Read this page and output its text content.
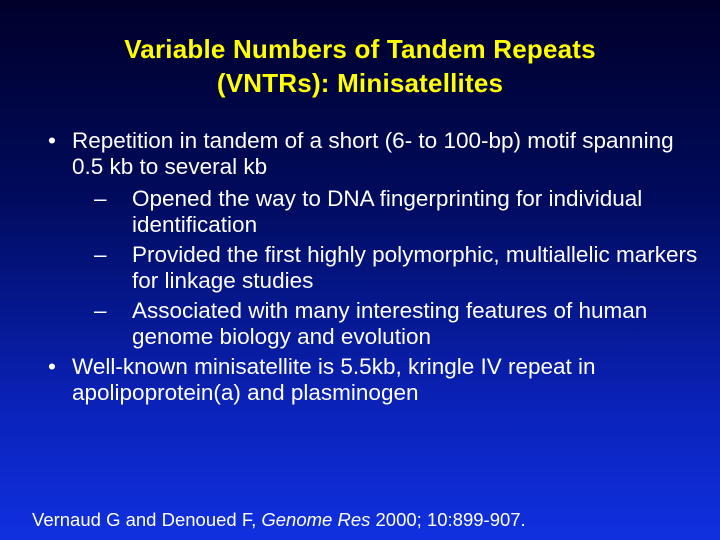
Variable Numbers of Tandem Repeats
(VNTRs): Minisatellites
• Repetition in tandem of a short (6- to 100-bp) motif spanning 0.5 kb to several kb
– Opened the way to DNA fingerprinting for individual identification
– Provided the first highly polymorphic, multiallelic markers for linkage studies
– Associated with many interesting features of human genome biology and evolution
• Well-known minisatellite is 5.5kb, kringle IV repeat in apolipoprotein(a) and plasminogen
Vernaud G and Denoued F, Genome Res 2000; 10:899-907.
